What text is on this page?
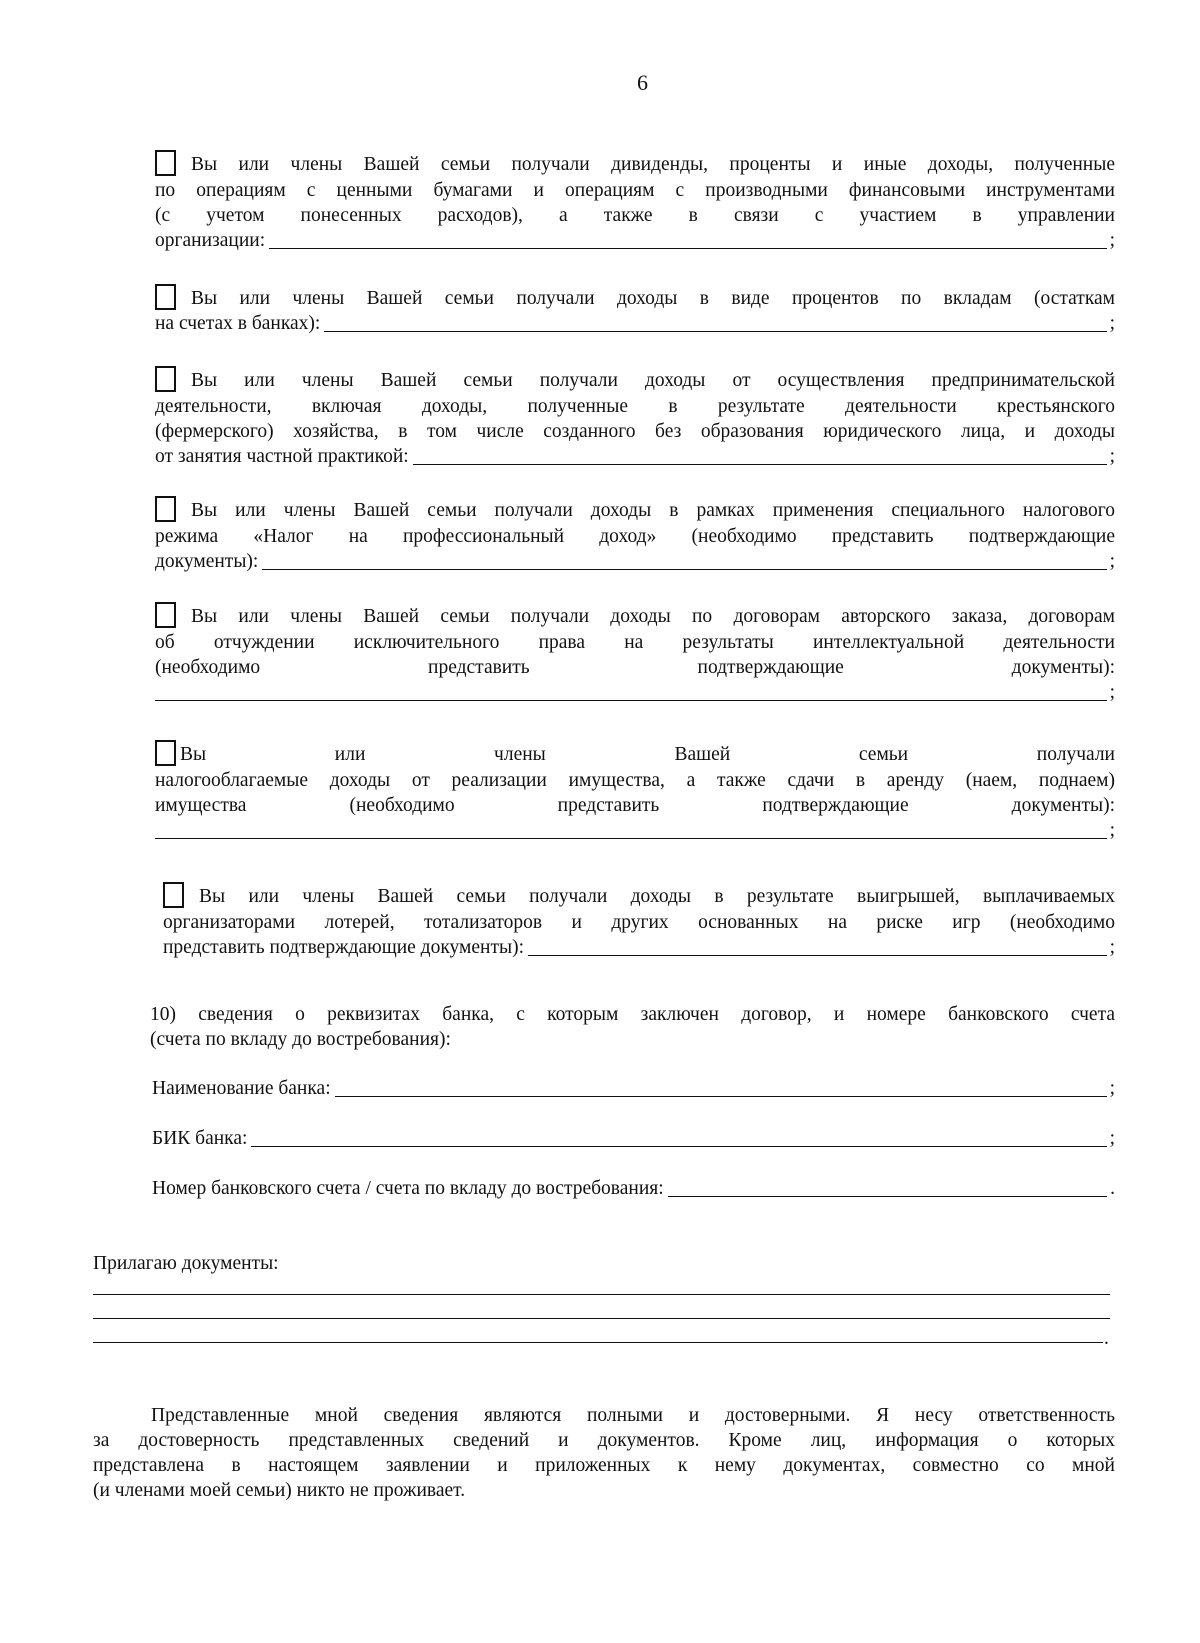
6
Вы или члены Вашей семьи получали дивиденды, проценты и иные доходы, полученные
по операциям с ценными бумагами и операциям с производными финансовыми инструментами
(с учетом понесенных расходов), а также в связи с участием в управлении
организации:	;
Вы или члены Вашей семьи получали доходы в виде процентов по вкладам (остаткам
на счетах в банках):	;
Вы или члены Вашей семьи получали доходы от осуществления предпринимательской
деятельности, включая доходы, полученные в результате деятельности крестьянского
(фермерского) хозяйства, в том числе созданного без образования юридического лица, и доходы
от занятия частной практикой:	;
Вы или члены Вашей семьи получали доходы в рамках применения специального налогового
режима «Налог на профессиональный доход» (необходимо представить подтверждающие
документы):	;
Вы или члены Вашей семьи получали доходы по договорам авторского заказа, договорам
об отчуждении исключительного права на результаты интеллектуальной деятельности
(необходимо представить подтверждающие документы):
;
Вы или члены Вашей семьи получали
налогооблагаемые доходы от реализации имущества, а также сдачи в аренду (наем, поднаем)
имущества (необходимо представить подтверждающие документы):
;
Вы или члены Вашей семьи получали доходы в результате выигрышей, выплачиваемых
организаторами лотерей, тотализаторов и других основанных на риске игр (необходимо
представить подтверждающие документы):	;
10) сведения о реквизитах банка, с которым заключен договор, и номере банковского счета
(счета по вкладу до востребования):
Наименование банка:	;
БИК банка:	;
Номер банковского счета / счета по вкладу до востребования:	.
Прилагаю документы:
.
Представленные мной сведения являются полными и достоверными. Я несу ответственность
за достоверность представленных сведений и документов. Кроме лиц, информация о которых
представлена в настоящем заявлении и приложенных к нему документах, совместно со мной
(и членами моей семьи) никто не проживает.
